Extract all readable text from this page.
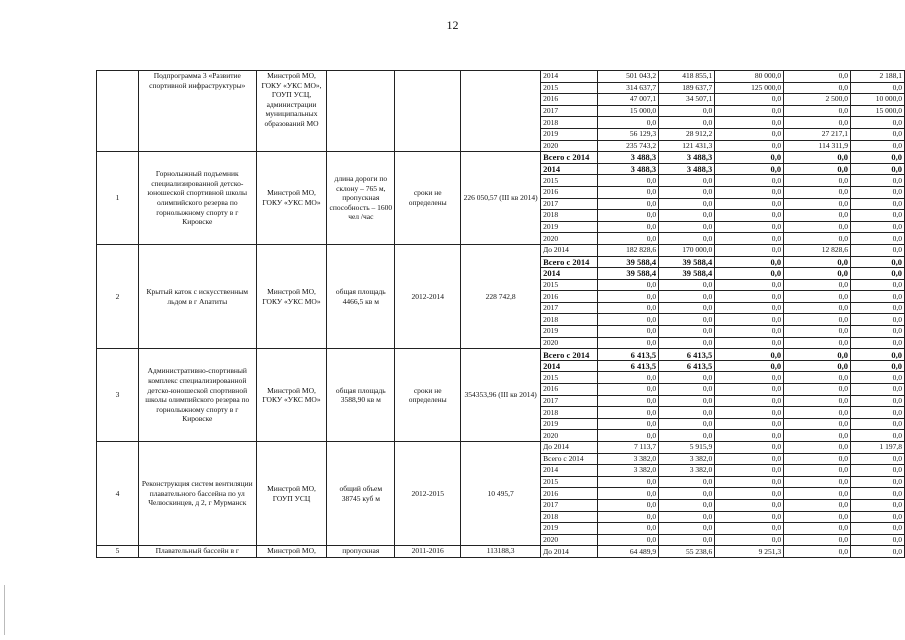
12
	Подпрограмма 3 «Развитие спортивной инфраструктуры»	Минстрой МО, ГОКУ «УКС МО», ГОУП УСЦ, администрации муниципальных образований МО				2014	501 043,2	418 855,1	80 000,0	0,0	2 188,1
						2015	314 637,7	189 637,7	125 000,0	0,0	0,0
						2016	47 007,1	34 507,1	0,0	2 500,0	10 000,0
						2017	15 000,0	0,0	0,0	0,0	15 000,0
						2018	0,0	0,0	0,0	0,0	0,0
						2019	56 129,3	28 912,2	0,0	27 217,1	0,0
						2020	235 743,2	121 431,3	0,0	114 311,9	0,0
1	Горнолыжный подъемник специализированной детско-юношеской спортивной школы олимпийского резерва по горнолыжному спорту в г Кировске	Минстрой МО, ГОКУ «УКС МО»	длина дороги по склону – 765 м, пропускная способность – 1600 чел /час	сроки не определены	226 050,57 (III кв 2014)	Всего с 2014	3 488,3	3 488,3	0,0	0,0	0,0
						2014	3 488,3	3 488,3	0,0	0,0	0,0
						2015	0,0	0,0	0,0	0,0	0,0
						2016	0,0	0,0	0,0	0,0	0,0
						2017	0,0	0,0	0,0	0,0	0,0
						2018	0,0	0,0	0,0	0,0	0,0
						2019	0,0	0,0	0,0	0,0	0,0
						2020	0,0	0,0	0,0	0,0	0,0
2	Крытый каток с искусственным льдом в г Апатиты	Минстрой МО, ГОКУ «УКС МО»	общая площадь 4466,5 кв м	2012-2014	228 742,8	До 2014	182 828,6	170 000,0	0,0	12 828,6	0,0
						Всего с 2014	39 588,4	39 588,4	0,0	0,0	0,0
						2014	39 588,4	39 588,4	0,0	0,0	0,0
						2015	0,0	0,0	0,0	0,0	0,0
						2016	0,0	0,0	0,0	0,0	0,0
						2017	0,0	0,0	0,0	0,0	0,0
						2018	0,0	0,0	0,0	0,0	0,0
						2019	0,0	0,0	0,0	0,0	0,0
						2020	0,0	0,0	0,0	0,0	0,0
3	Административно-спортивный комплекс специализированной детско-юношеской спортивной школы олимпийского резерва по горнолыжному спорту в г Кировске	Минстрой МО, ГОКУ «УКС МО»	общая площадь 3588,90 кв м	сроки не определены	354353,96 (III кв 2014)	Всего с 2014	6 413,5	6 413,5	0,0	0,0	0,0
						2014	6 413,5	6 413,5	0,0	0,0	0,0
						2015	0,0	0,0	0,0	0,0	0,0
						2016	0,0	0,0	0,0	0,0	0,0
						2017	0,0	0,0	0,0	0,0	0,0
						2018	0,0	0,0	0,0	0,0	0,0
						2019	0,0	0,0	0,0	0,0	0,0
						2020	0,0	0,0	0,0	0,0	0,0
4	Реконструкция систем вентиляции плавательного бассейна по ул Челюскинцев, д 2, г Мурманск	Минстрой МО, ГОУП УСЦ	общий объем 38745 куб м	2012-2015	10 495,7	До 2014	7 113,7	5 915,9	0,0	0,0	1 197,8
						Всего с 2014	3 382,0	3 382,0	0,0	0,0	0,0
						2014	3 382,0	3 382,0	0,0	0,0	0,0
						2015	0,0	0,0	0,0	0,0	0,0
						2016	0,0	0,0	0,0	0,0	0,0
						2017	0,0	0,0	0,0	0,0	0,0
						2018	0,0	0,0	0,0	0,0	0,0
						2019	0,0	0,0	0,0	0,0	0,0
						2020	0,0	0,0	0,0	0,0	0,0
5	Плавательный бассейн в г	Минстрой МО,	пропускная	2011-2016	113188,3	До 2014	64 489,9	55 238,6	9 251,3	0,0	0,0
